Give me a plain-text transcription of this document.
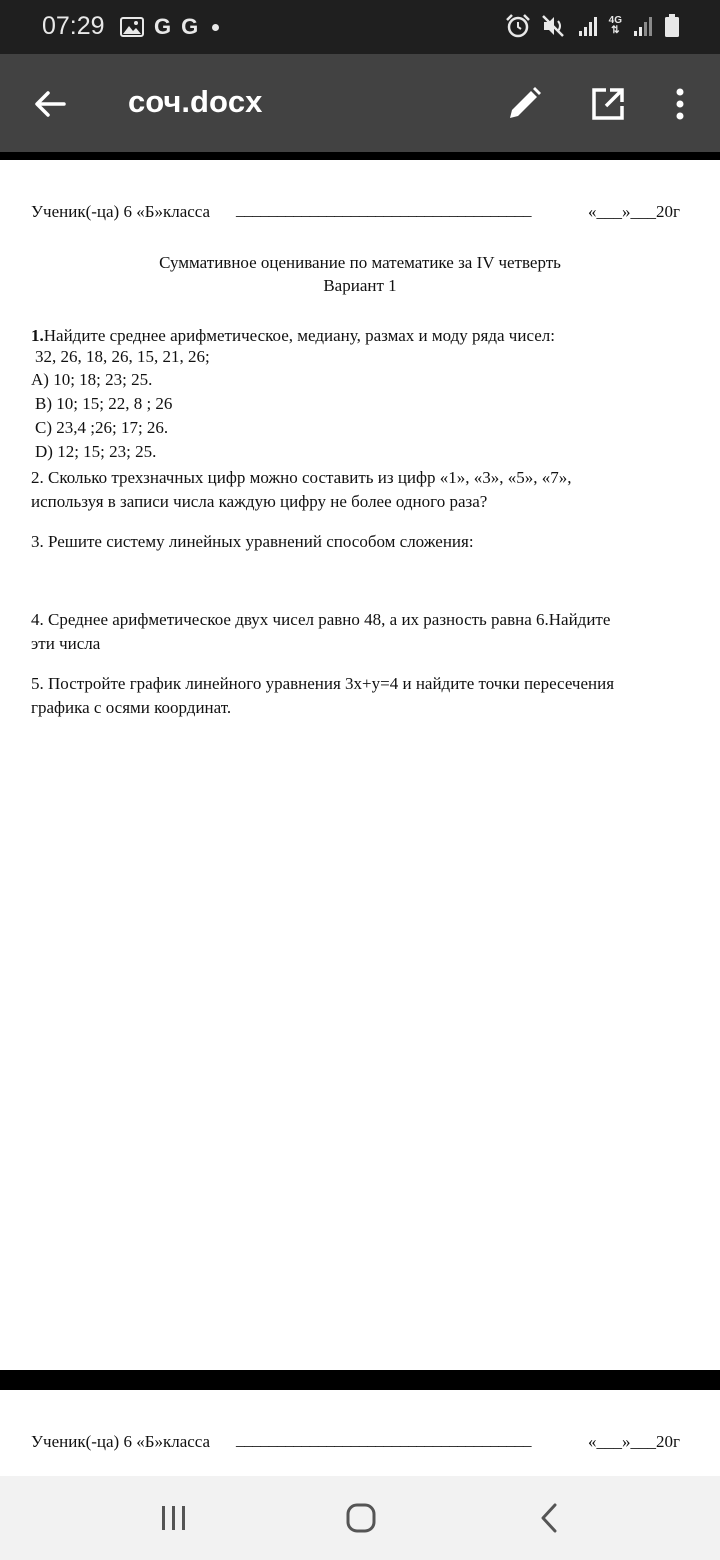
07:29 G G	4G
⇅
соч.docx
Ученик(-ца) 6 «Б»класса ____________________________________	«___»___20г
Суммативное оценивание по математике за IV четверть
Вариант 1
1.Найдите среднее арифметическое, медиану, размах и моду ряда чисел:
32, 26, 18, 26, 15, 21, 26;
A) 10; 18; 23; 25.
B) 10; 15; 22, 8 ; 26
C) 23,4 ;26; 17; 26.
D) 12; 15; 23; 25.
2. Сколько трехзначных цифр можно составить из цифр «1», «3», «5», «7»,
используя в записи числа каждую цифру не более одного раза?
3. Решите систему линейных уравнений способом сложения:
4. Среднее арифметическое двух чисел равно 48, а их разность равна 6.Найдите
эти числа
5. Постройте график линейного уравнения 3x+y=4 и найдите точки пересечения
графика с осями координат.
Ученик(-ца) 6 «Б»класса ____________________________________	«___»___20г
